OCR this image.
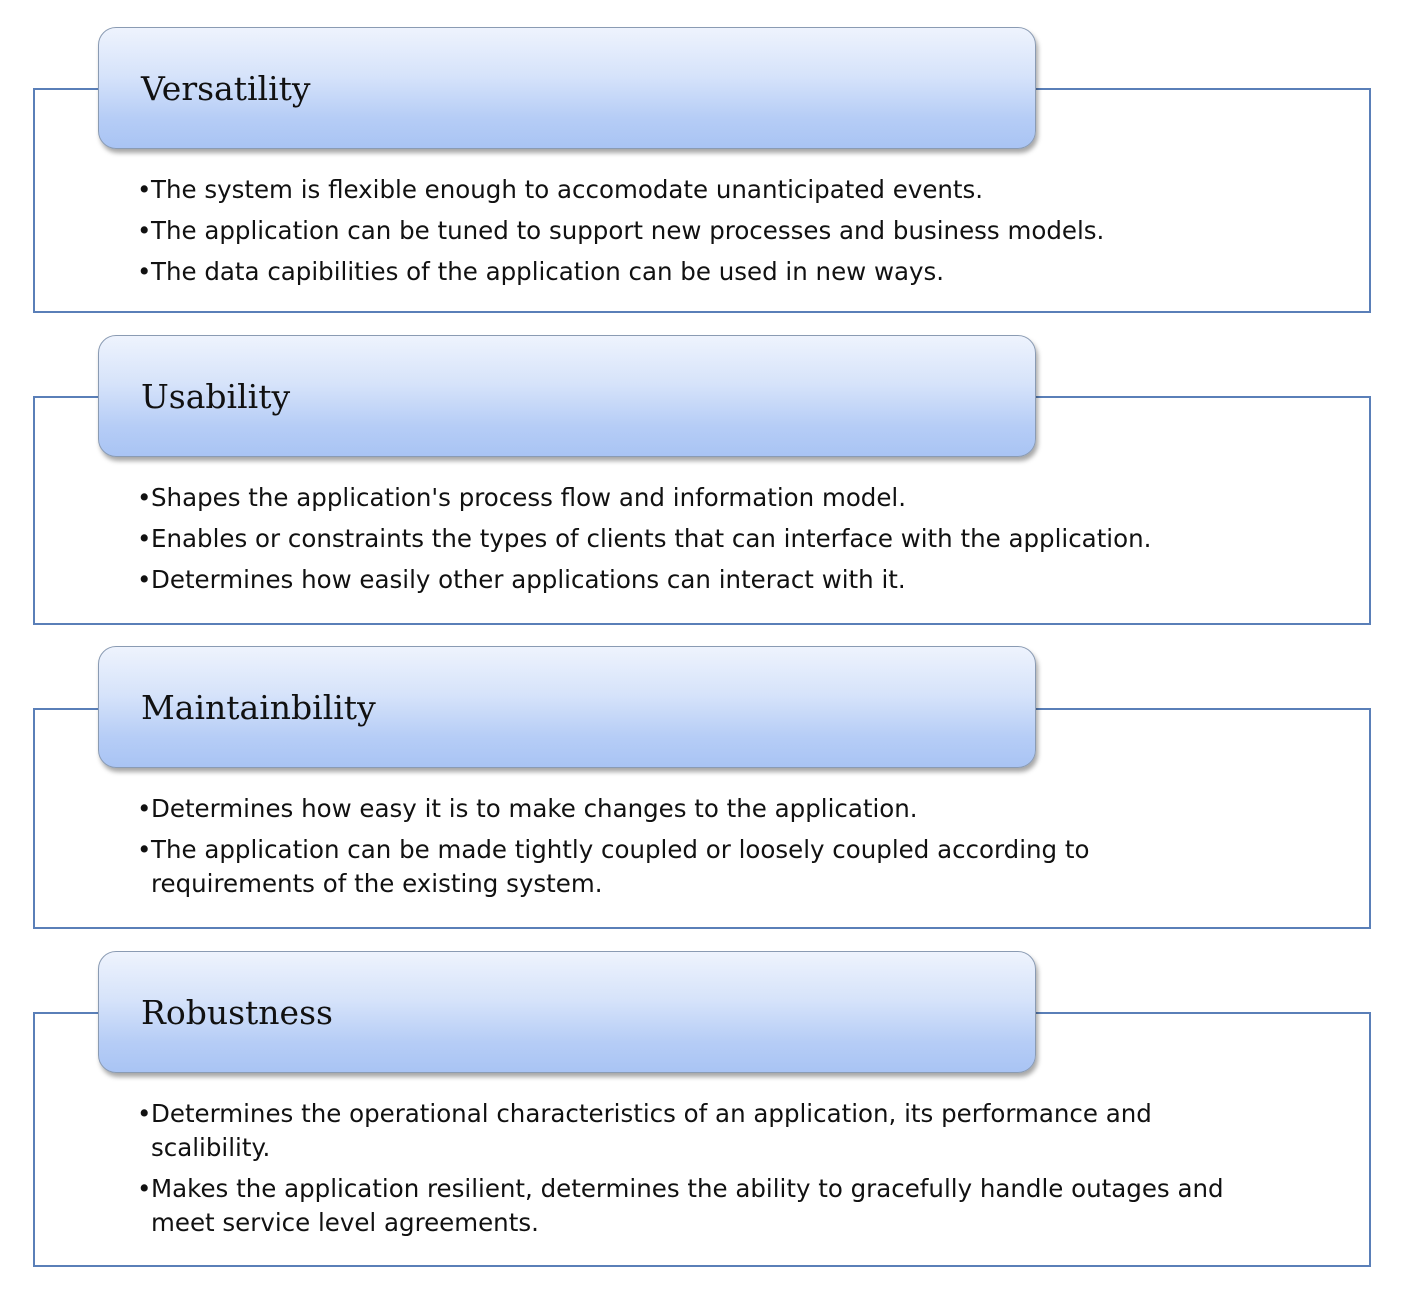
Versatility
• The system is flexible enough to accomodate unanticipated events.
• The application can be tuned to support new processes and business models.
• The data capibilities of the application can be used in new ways.
Usability
• Shapes the application's process flow and information model.
• Enables or constraints the types of clients that can interface with the application.
• Determines how easily other applications can interact with it.
Maintainbility
• Determines how easy it is to make changes to the application.
• The application can be made tightly coupled or loosely coupled according to requirements of the existing system.
Robustness
• Determines the operational characteristics of an application, its performance and scalibility.
• Makes the application resilient, determines the ability to gracefully handle outages and meet service level agreements.
